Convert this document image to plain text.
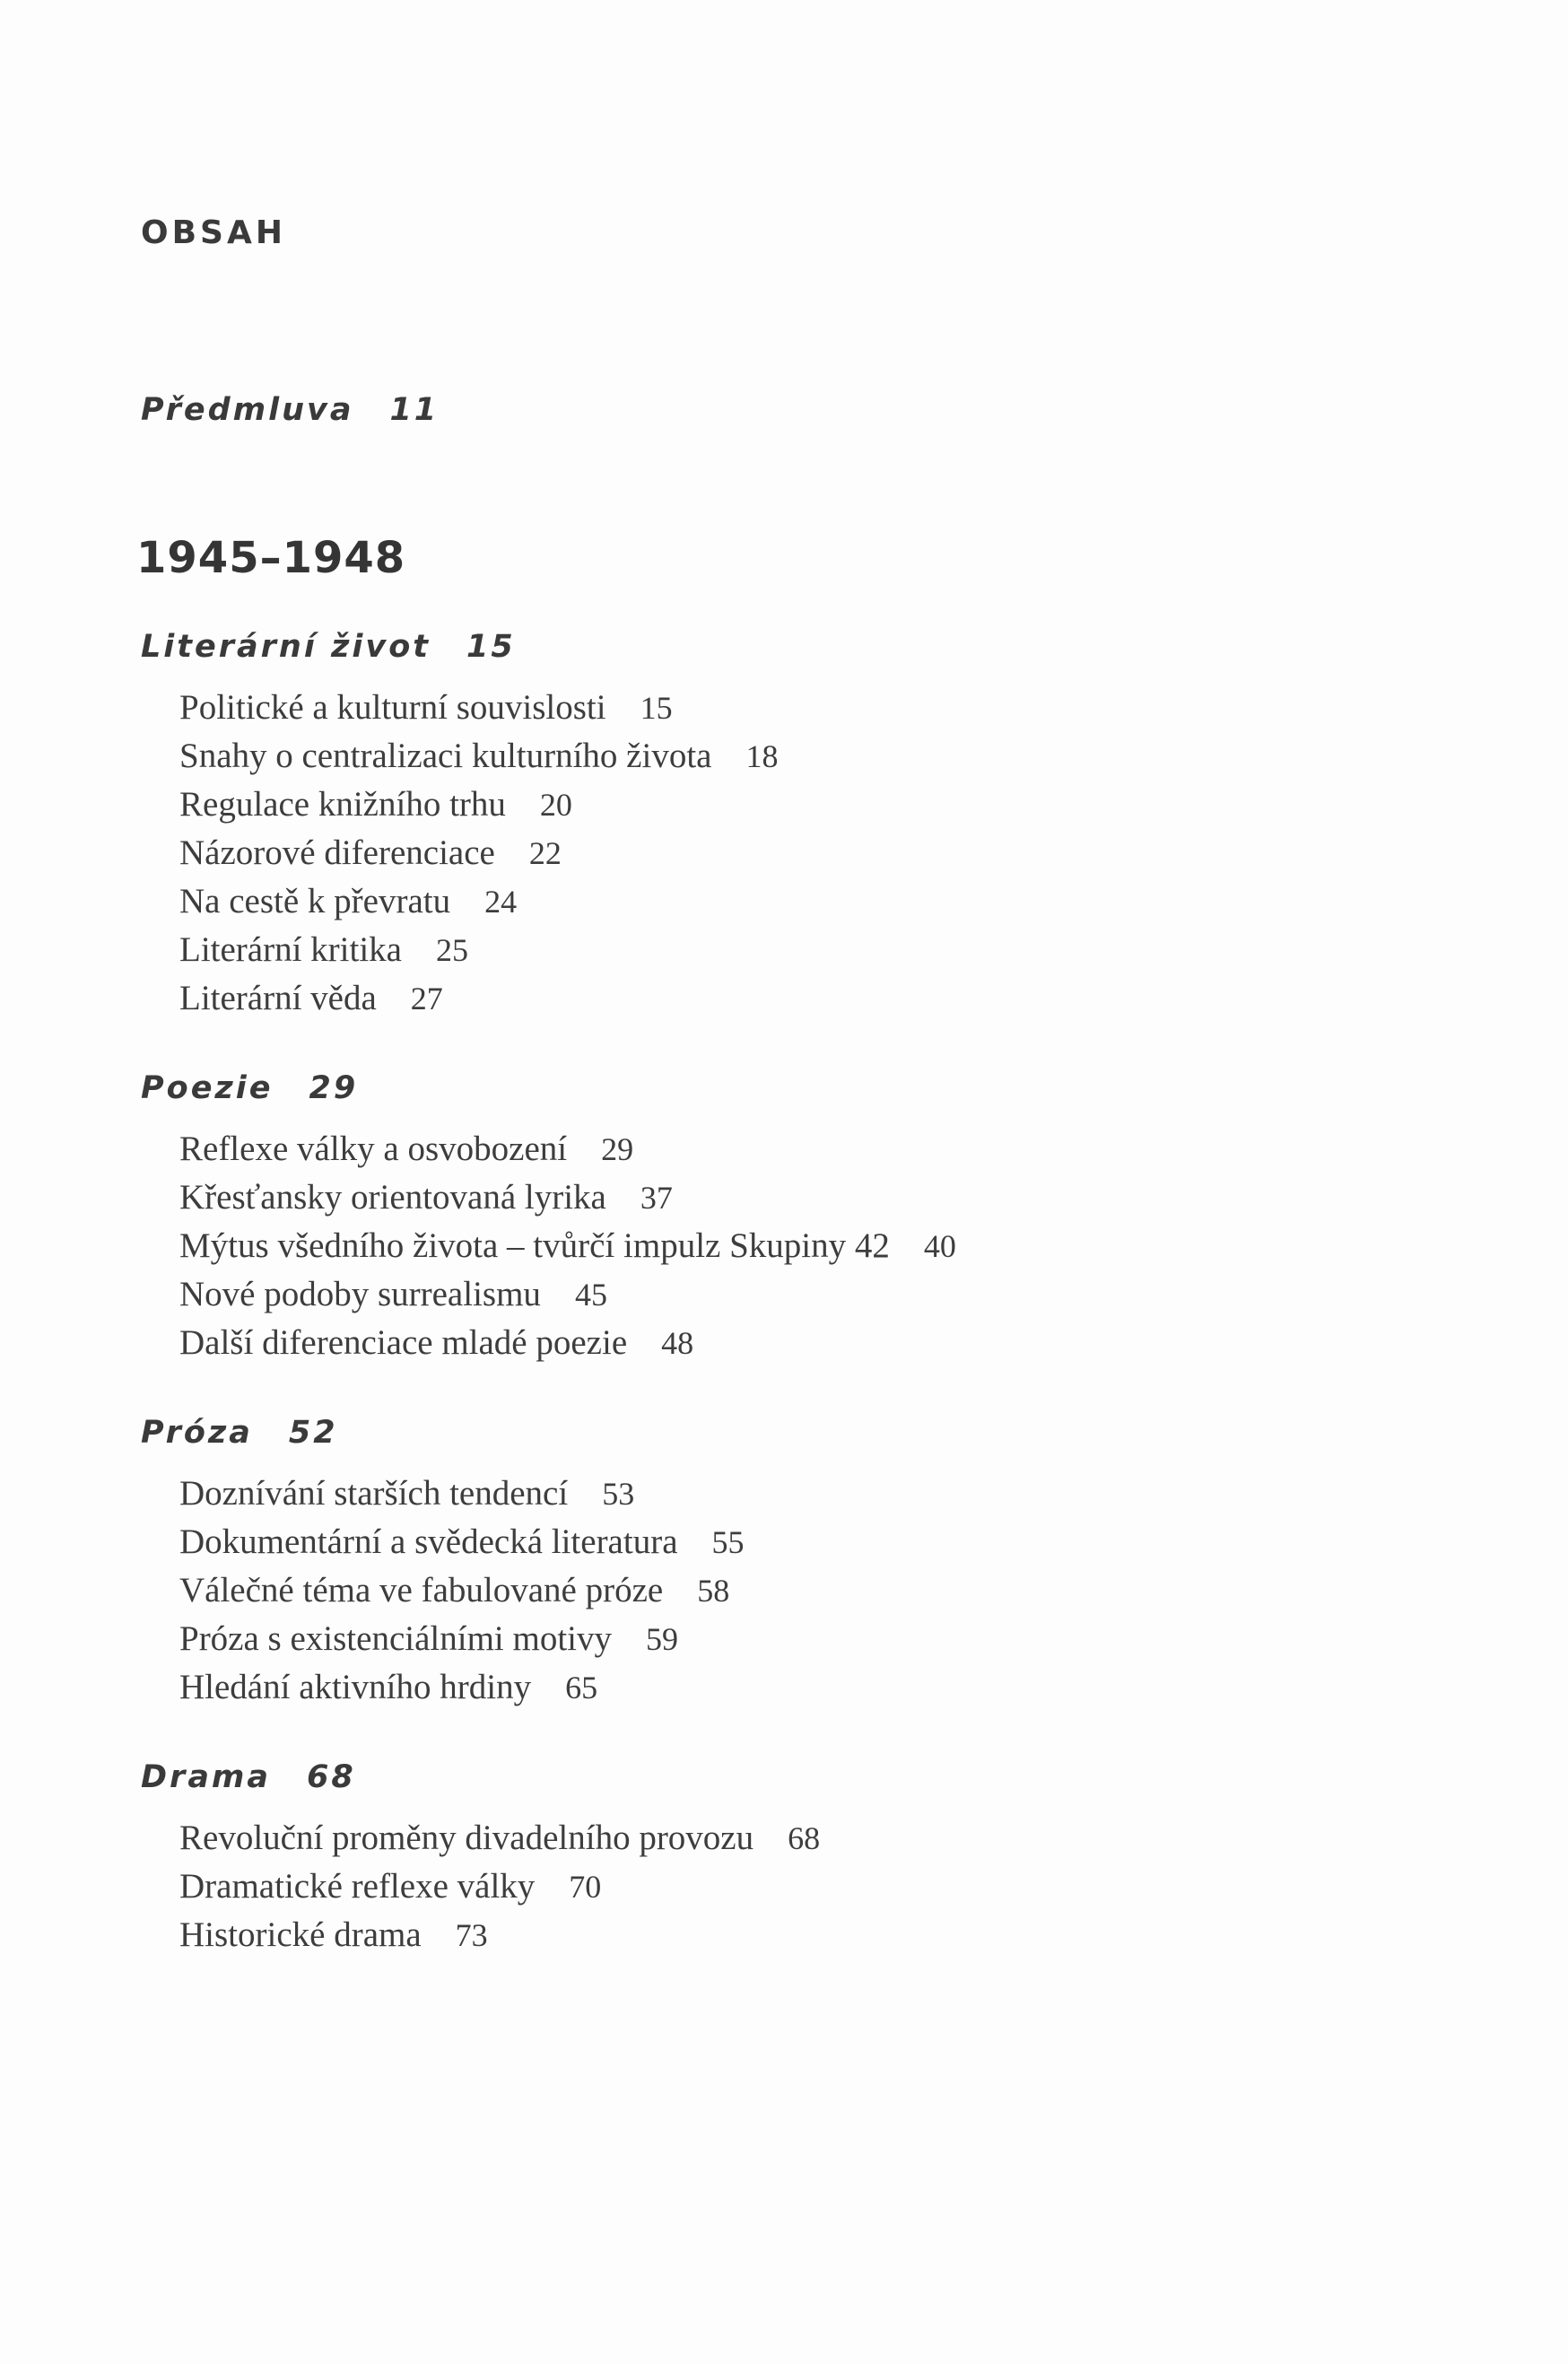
OBSAH
Předmluva 11
1945–1948
Literární život 15
Politické a kulturní souvislosti 15
Snahy o centralizaci kulturního života 18
Regulace knižního trhu 20
Názorové diferenciace 22
Na cestě k převratu 24
Literární kritika 25
Literární věda 27
Poezie 29
Reflexe války a osvobození 29
Křesťansky orientovaná lyrika 37
Mýtus všedního života – tvůrčí impulz Skupiny 42 40
Nové podoby surrealismu 45
Další diferenciace mladé poezie 48
Próza 52
Doznívání starších tendencí 53
Dokumentární a svědecká literatura 55
Válečné téma ve fabulované próze 58
Próza s existenciálními motivy 59
Hledání aktivního hrdiny 65
Drama 68
Revoluční proměny divadelního provozu 68
Dramatické reflexe války 70
Historické drama 73
